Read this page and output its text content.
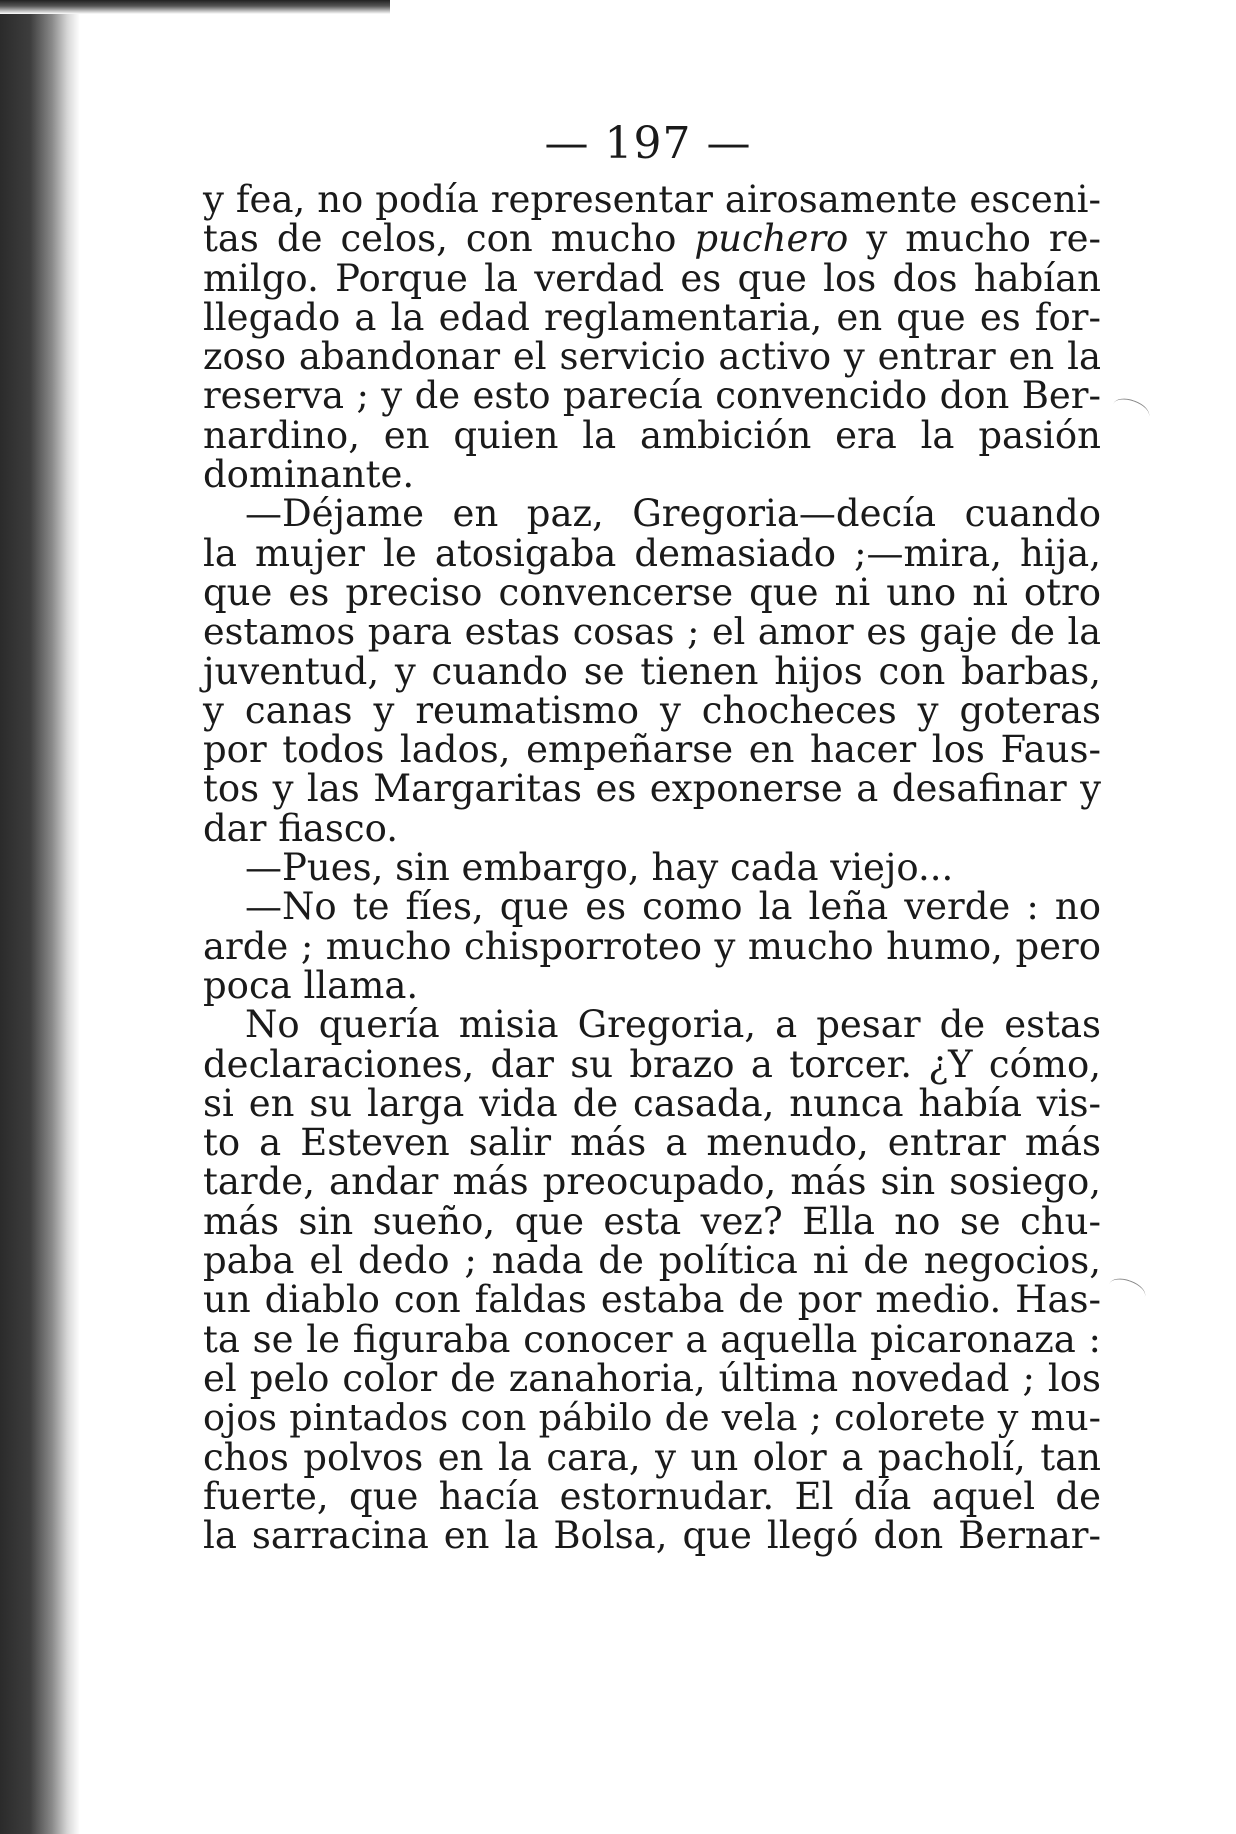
— 197 —
y fea, no podía representar airosamente esceni-
tas de celos, con mucho puchero y mucho re-
milgo. Porque la verdad es que los dos habían
llegado a la edad reglamentaria, en que es for-
zoso abandonar el servicio activo y entrar en la
reserva ; y de esto parecía convencido don Ber-
nardino, en quien la ambición era la pasión
dominante.
—Déjame en paz, Gregoria—decía cuando
la mujer le atosigaba demasiado ;—mira, hija,
que es preciso convencerse que ni uno ni otro
estamos para estas cosas ; el amor es gaje de la
juventud, y cuando se tienen hijos con barbas,
y canas y reumatismo y chocheces y goteras
por todos lados, empeñarse en hacer los Faus-
tos y las Margaritas es exponerse a desafinar y
dar fiasco.
—Pues, sin embargo, hay cada viejo...
—No te fíes, que es como la leña verde : no
arde ; mucho chisporroteo y mucho humo, pero
poca llama.
No quería misia Gregoria, a pesar de estas
declaraciones, dar su brazo a torcer. ¿Y cómo,
si en su larga vida de casada, nunca había vis-
to a Esteven salir más a menudo, entrar más
tarde, andar más preocupado, más sin sosiego,
más sin sueño, que esta vez? Ella no se chu-
paba el dedo ; nada de política ni de negocios,
un diablo con faldas estaba de por medio. Has-
ta se le figuraba conocer a aquella picaronaza :
el pelo color de zanahoria, última novedad ; los
ojos pintados con pábilo de vela ; colorete y mu-
chos polvos en la cara, y un olor a pacholí, tan
fuerte, que hacía estornudar. El día aquel de
la sarracina en la Bolsa, que llegó don Bernar-
